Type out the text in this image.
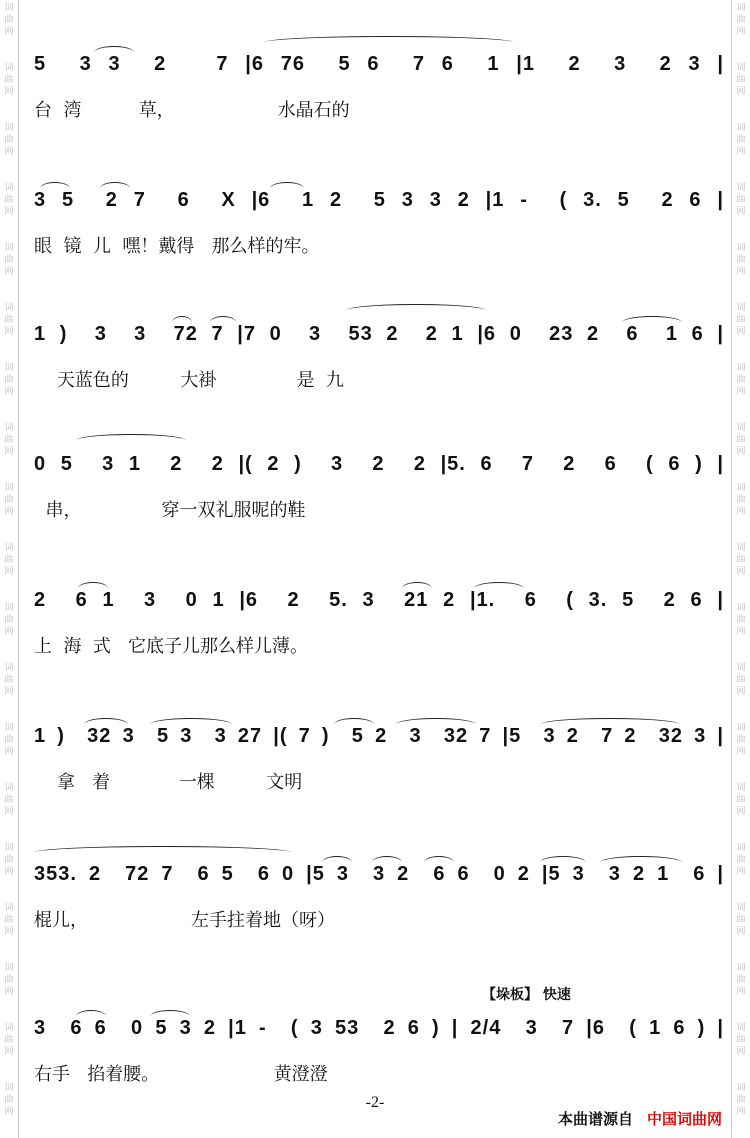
词
曲
网
词
曲
网
词
曲
网
词
曲
网
词
曲
网
词
曲
网
词
曲
网
词
曲
网
词
曲
网
词
曲
网
词
曲
网
词
曲
网
词
曲
网
词
曲
网
词
曲
网
词
曲
网
词
曲
网
词
曲
网
词
曲
网
词
曲
网
词
曲
网
词
曲
网
词
曲
网
词
曲
网
词
曲
网
词
曲
网
词
曲
网
词
曲
网
词
曲
网
词
曲
网
词
曲
网
词
曲
网
词
曲
网
词
曲
网
词
曲
网
词
曲
网
词
曲
网
词
曲
网
5  3 3  2   7 |6 76  5 6  7 6  1 |1  2  3  2 3 |
台  湾          草，                  水晶石的
3 5  2 7  6  X |6  1 2  5 3 3 2 |1 -  ( 3. 5  2 6 |
眼  镜  儿  嘿！戴得   那么样的牢。
1 )  3  3  72 7 |7 0  3  53 2  2 1 |6 0  23 2  6  1 6 |
天蓝色的         大褂              是  九
0 5  3 1  2  2 |( 2 )  3  2  2 |5. 6  7  2  6  ( 6 ) |
串，              穿一双礼服呢的鞋
2  6 1  3  0 1 |6  2  5. 3  21 2 |1.  6  ( 3. 5  2 6 |
上  海  式   它底子儿那么样儿薄。
1 )  32 3  5 3  3 27 |( 7 )  5 2  3  32 7 |5  3 2  7 2  32 3 |
拿   着            一棵         文明
353. 2  72 7  6 5  6 0 |5 3  3 2  6 6  0 2 |5 3  3 2 1  6 |
棍儿，                  左手拄着地（呀）
【垛板】 快速
3  6 6  0 5 3 2 |1 -  ( 3 53  2 6 ) | 2/4  3  7 |6  ( 1 6 ) |
右手   掐着腰。                    黄澄澄
-2-

本曲谱源自 中国词曲网
